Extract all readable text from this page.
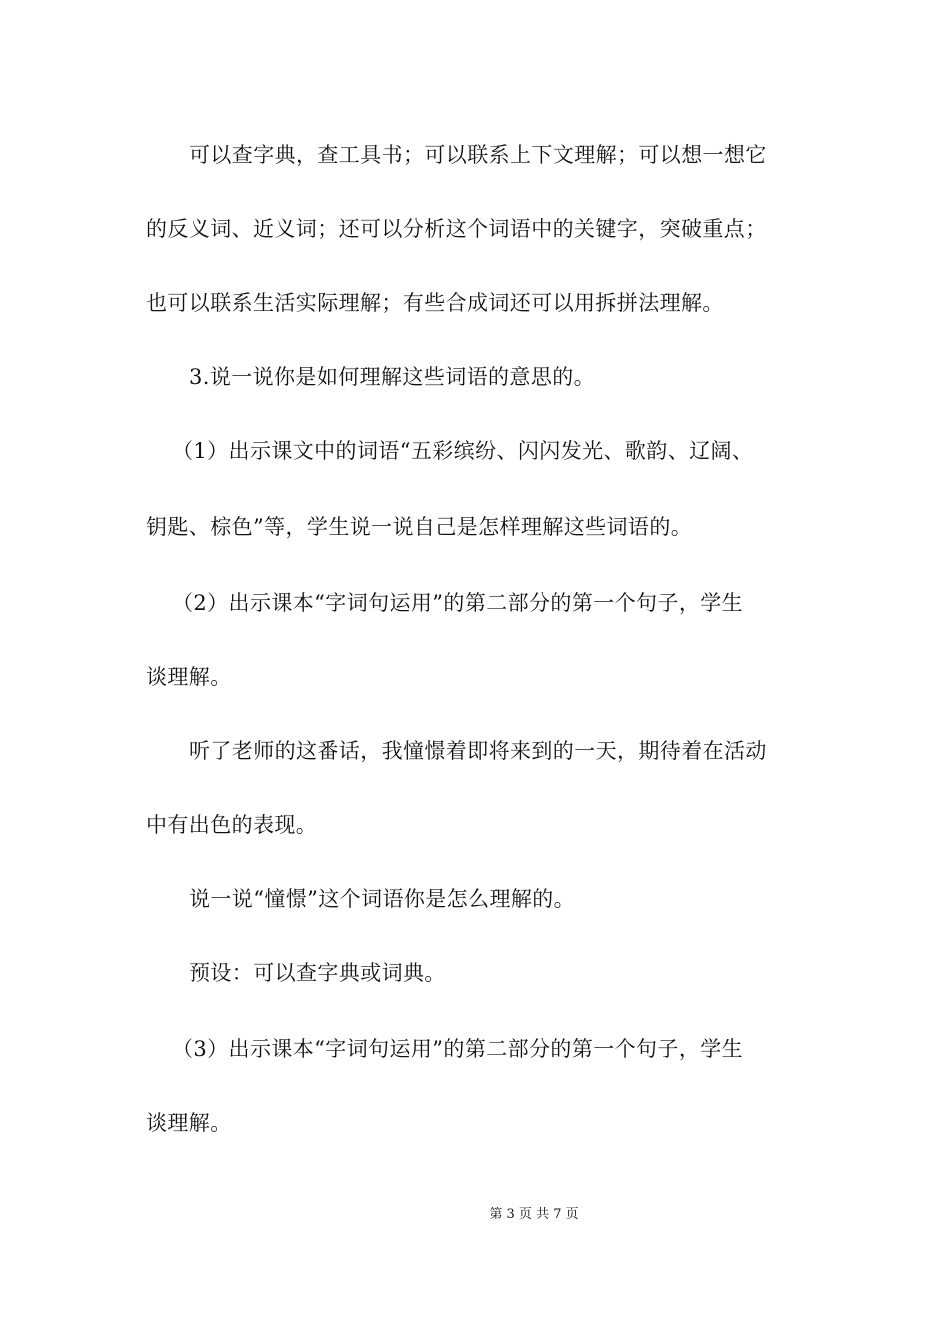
可以查字典，查工具书；可以联系上下文理解；可以想一想它
的反义词、近义词；还可以分析这个词语中的关键字，突破重点；
也可以联系生活实际理解；有些合成词还可以用拆拼法理解。
3.说一说你是如何理解这些词语的意思的。
（1）出示课文中的词语“五彩缤纷、闪闪发光、歌韵、辽阔、
钥匙、棕色”等，学生说一说自己是怎样理解这些词语的。
（2）出示课本“字词句运用”的第二部分的第一个句子，学生
谈理解。
听了老师的这番话，我憧憬着即将来到的一天，期待着在活动
中有出色的表现。
说一说“憧憬”这个词语你是怎么理解的。
预设：可以查字典或词典。
（3）出示课本“字词句运用”的第二部分的第一个句子，学生
谈理解。
第 3 页 共 7 页
